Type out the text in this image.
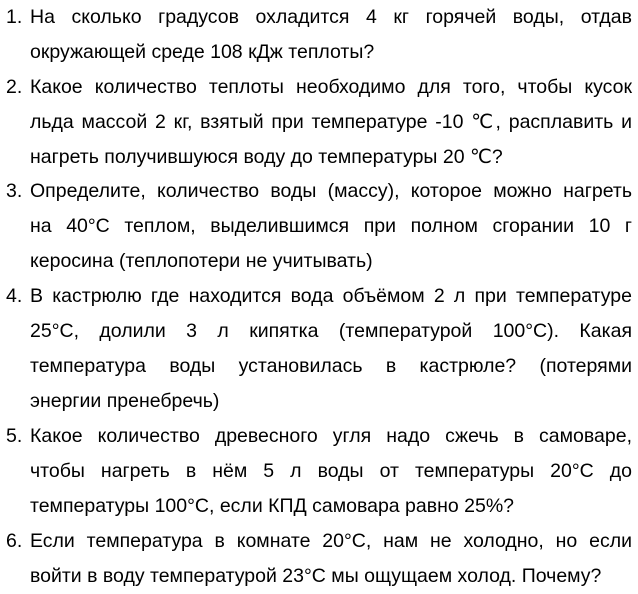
1. На сколько градусов охладится 4 кг горячей воды, отдав
окружающей среде 108 кДж теплоты?
2. Какое количество теплоты необходимо для того, чтобы кусок
льда массой 2 кг, взятый при температуре -10 ℃, расплавить и
нагреть получившуюся воду до температуры 20 ℃?
3. Определите, количество воды (массу), которое можно нагреть
на 40°С теплом, выделившимся при полном сгорании 10 г
керосина (теплопотери не учитывать)
4. В кастрюлю где находится вода объёмом 2 л при температуре
25°С, долили 3 л кипятка (температурой 100°С). Какая
температура воды установилась в кастрюле? (потерями
энергии пренебречь)
5. Какое количество древесного угля надо сжечь в самоваре,
чтобы нагреть в нём 5 л воды от температуры 20°С до
температуры 100°С, если КПД самовара равно 25%?
6. Если температура в комнате 20°С, нам не холодно, но если
войти в воду температурой 23°С мы ощущаем холод. Почему?
